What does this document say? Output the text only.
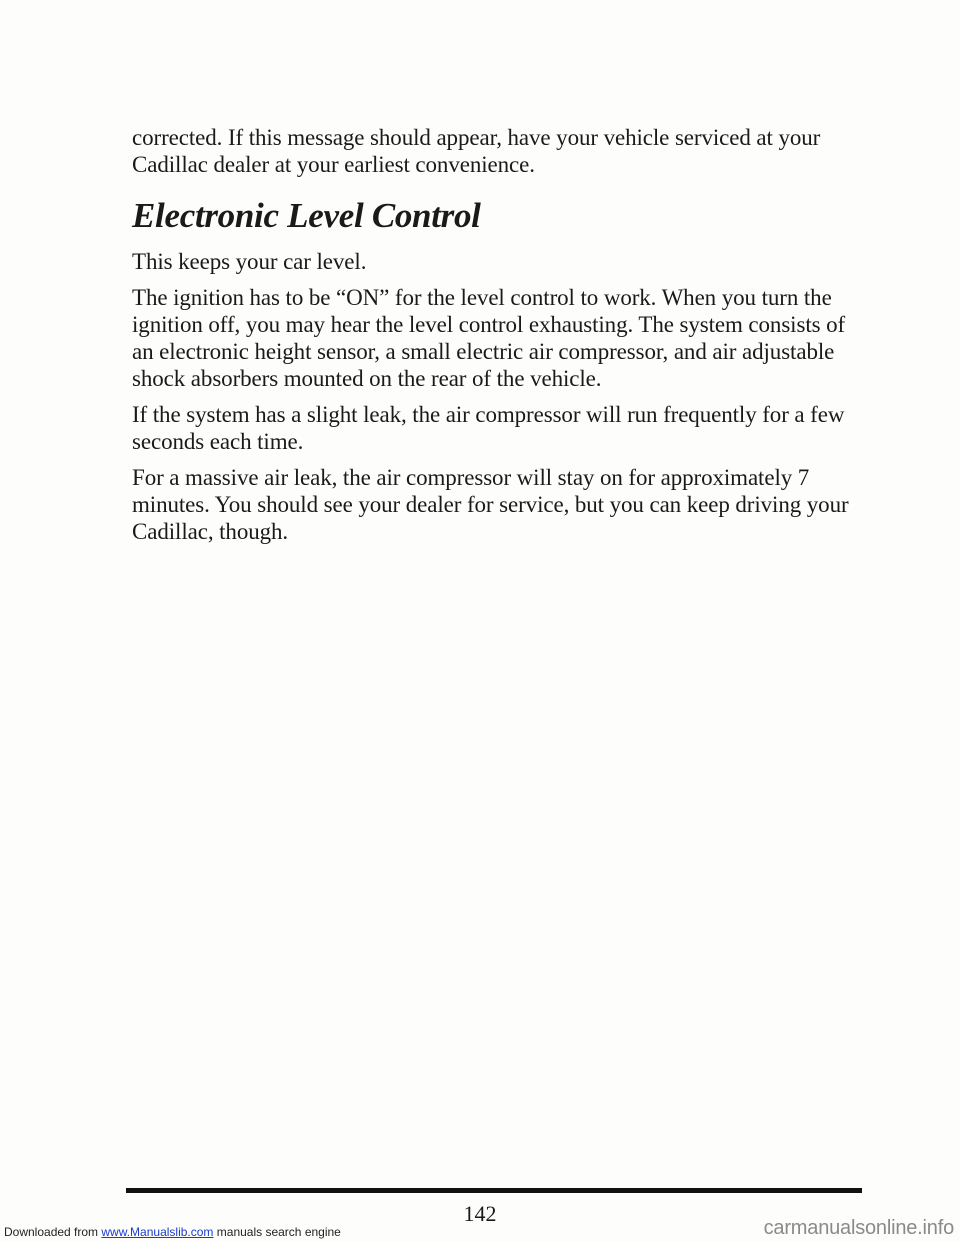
corrected. If this message should appear, have your vehicle serviced at your Cadillac dealer at your earliest convenience.

Electronic Level Control

This keeps your car level.

The ignition has to be “ON” for the level control to work. When you turn the ignition off, you may hear the level control exhausting. The system consists of an electronic height sensor, a small electric air compressor, and air adjustable shock absorbers mounted on the rear of the vehicle.

If the system has a slight leak, the air compressor will run frequently for a few seconds each time.

For a massive air leak, the air compressor will stay on for approximately 7 minutes. You should see your dealer for service, but you can keep driving your Cadillac, though.

142
Downloaded from www.Manualslib.com manuals search engine	carmanualsonline.info
